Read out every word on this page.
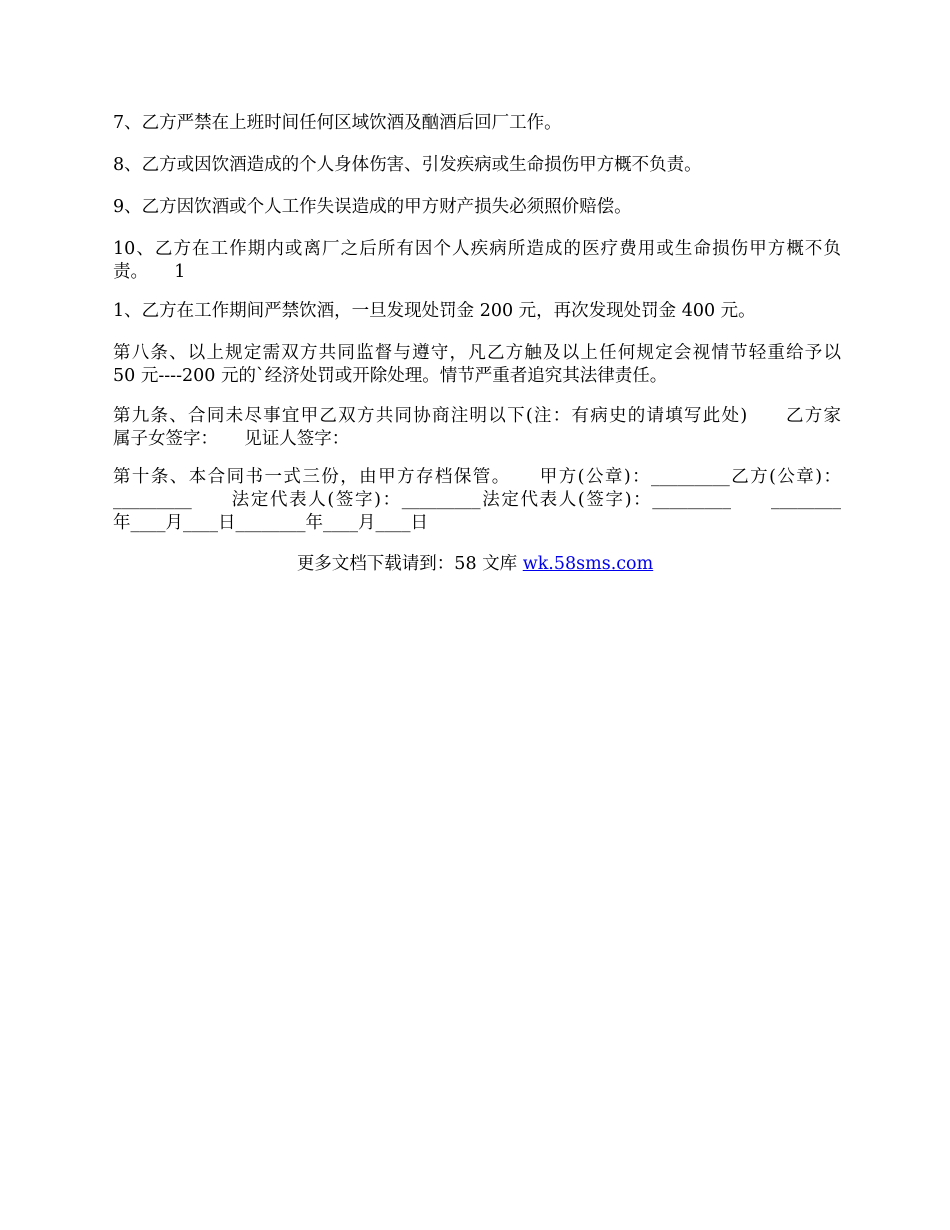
7、乙方严禁在上班时间任何区域饮酒及酗酒后回厂工作。
8、乙方或因饮酒造成的个人身体伤害、引发疾病或生命损伤甲方概不负责。
9、乙方因饮酒或个人工作失误造成的甲方财产损失必须照价赔偿。
10、乙方在工作期内或离厂之后所有因个人疾病所造成的医疗费用或生命损伤甲方概不负
责。　　1
1、乙方在工作期间严禁饮酒，一旦发现处罚金 200 元，再次发现处罚金 400 元。
第八条、以上规定需双方共同监督与遵守，凡乙方触及以上任何规定会视情节轻重给予以
50 元----200 元的`经济处罚或开除处理。情节严重者追究其法律责任。
第九条、合同未尽事宜甲乙双方共同协商注明以下(注：有病史的请填写此处)　　乙方家
属子女签字：　　见证人签字：
第十条、本合同书一式三份，由甲方存档保管。　　甲方(公章)：_________乙方(公章)：
_________　　法定代表人(签字)：_________法定代表人(签字)：_________　　________
年____月____日________年____月____日
更多文档下载请到：58 文库 wk.58sms.com
